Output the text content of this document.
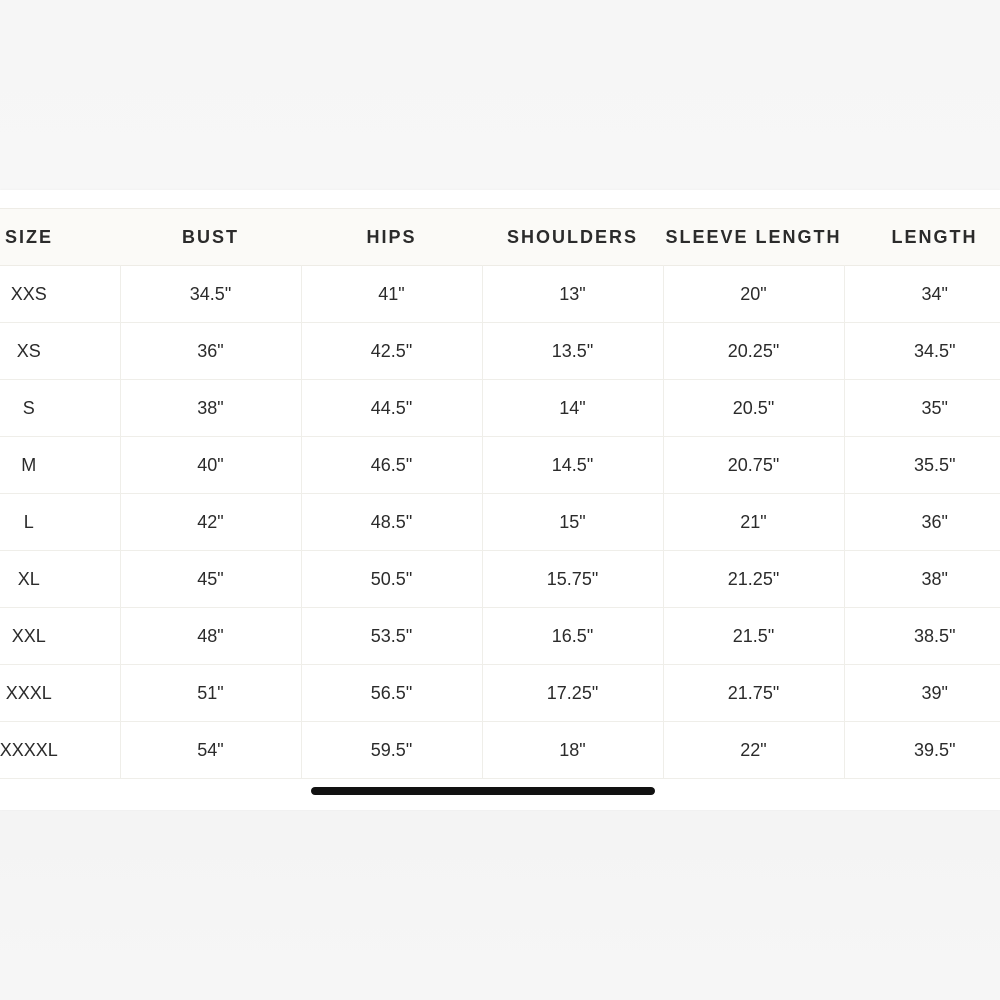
SIZE	BUST	HIPS	SHOULDERS	SLEEVE LENGTH	LENGTH
XXS	34.5"	41"	13"	20"	34"
XS	36"	42.5"	13.5"	20.25"	34.5"
S	38"	44.5"	14"	20.5"	35"
M	40"	46.5"	14.5"	20.75"	35.5"
L	42"	48.5"	15"	21"	36"
XL	45"	50.5"	15.75"	21.25"	38"
XXL	48"	53.5"	16.5"	21.5"	38.5"
XXXL	51"	56.5"	17.25"	21.75"	39"
XXXXL	54"	59.5"	18"	22"	39.5"
